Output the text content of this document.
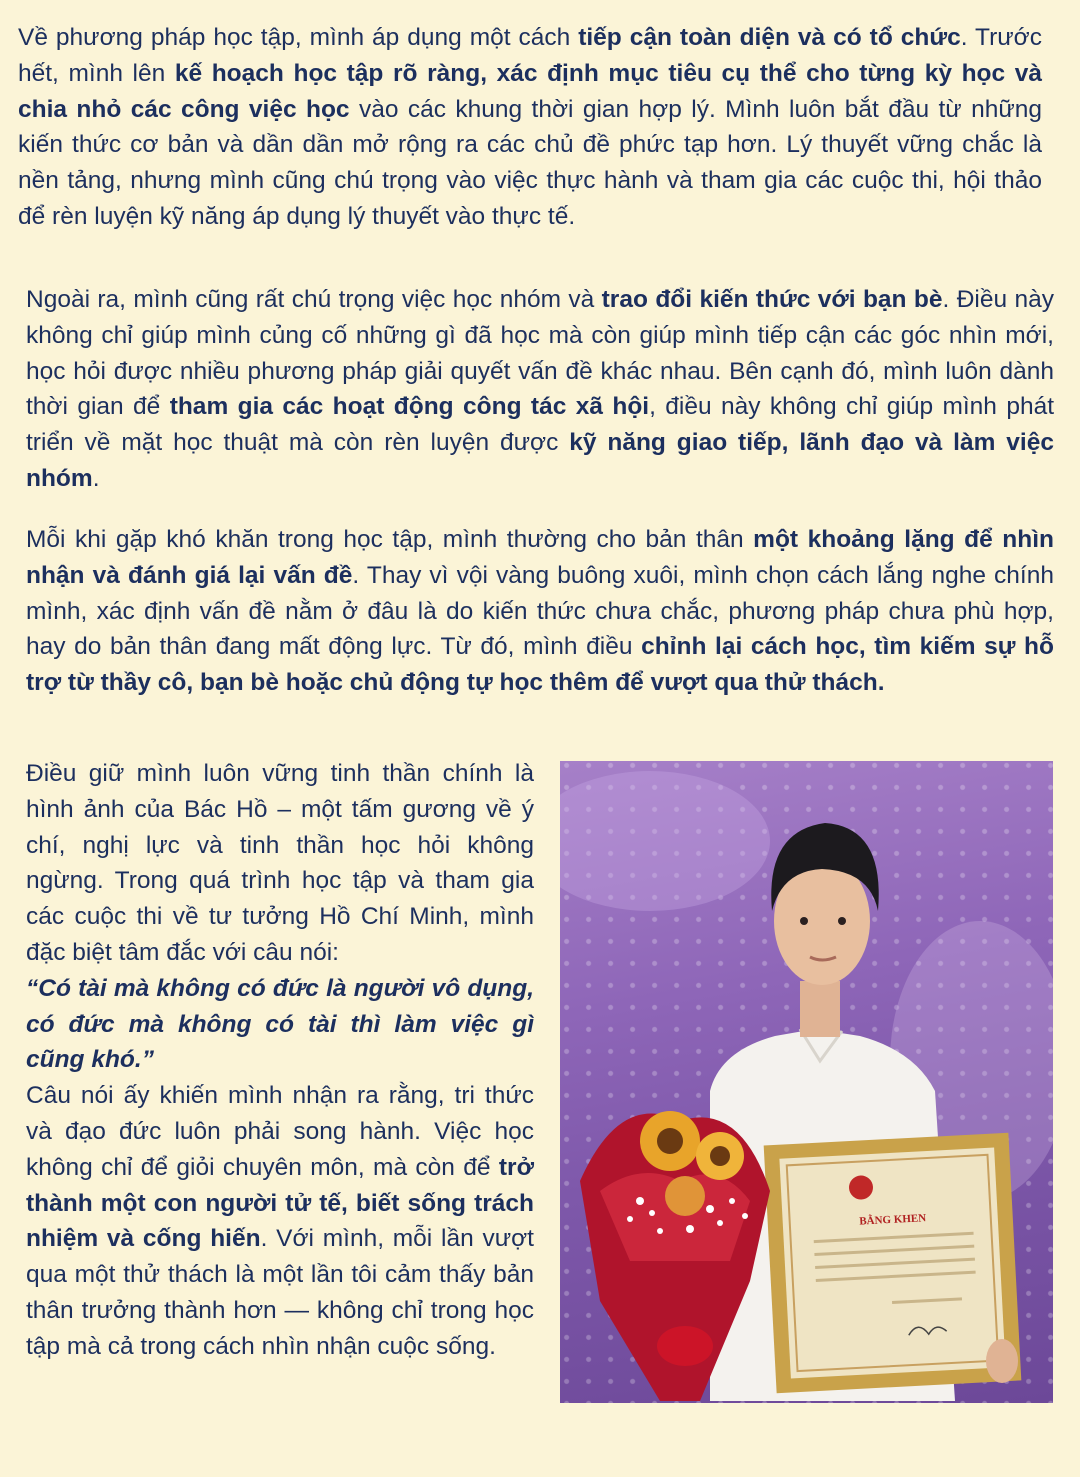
Về phương pháp học tập, mình áp dụng một cách tiếp cận toàn diện và có tổ chức. Trước hết, mình lên kế hoạch học tập rõ ràng, xác định mục tiêu cụ thể cho từng kỳ học và chia nhỏ các công việc học vào các khung thời gian hợp lý. Mình luôn bắt đầu từ những kiến thức cơ bản và dần dần mở rộng ra các chủ đề phức tạp hơn. Lý thuyết vững chắc là nền tảng, nhưng mình cũng chú trọng vào việc thực hành và tham gia các cuộc thi, hội thảo để rèn luyện kỹ năng áp dụng lý thuyết vào thực tế.

Ngoài ra, mình cũng rất chú trọng việc học nhóm và trao đổi kiến thức với bạn bè. Điều này không chỉ giúp mình củng cố những gì đã học mà còn giúp mình tiếp cận các góc nhìn mới, học hỏi được nhiều phương pháp giải quyết vấn đề khác nhau. Bên cạnh đó, mình luôn dành thời gian để tham gia các hoạt động công tác xã hội, điều này không chỉ giúp mình phát triển về mặt học thuật mà còn rèn luyện được kỹ năng giao tiếp, lãnh đạo và làm việc nhóm.

Mỗi khi gặp khó khăn trong học tập, mình thường cho bản thân một khoảng lặng để nhìn nhận và đánh giá lại vấn đề. Thay vì vội vàng buông xuôi, mình chọn cách lắng nghe chính mình, xác định vấn đề nằm ở đâu là do kiến thức chưa chắc, phương pháp chưa phù hợp, hay do bản thân đang mất động lực. Từ đó, mình điều chỉnh lại cách học, tìm kiếm sự hỗ trợ từ thầy cô, bạn bè hoặc chủ động tự học thêm để vượt qua thử thách.

Điều giữ mình luôn vững tinh thần chính là hình ảnh của Bác Hồ – một tấm gương về ý chí, nghị lực và tinh thần học hỏi không ngừng. Trong quá trình học tập và tham gia các cuộc thi về tư tưởng Hồ Chí Minh, mình đặc biệt tâm đắc với câu nói:
“Có tài mà không có đức là người vô dụng, có đức mà không có tài thì làm việc gì cũng khó.”
Câu nói ấy khiến mình nhận ra rằng, tri thức và đạo đức luôn phải song hành. Việc học không chỉ để giỏi chuyên môn, mà còn để trở thành một con người tử tế, biết sống trách nhiệm và cống hiến. Với mình, mỗi lần vượt qua một thử thách là một lần tôi cảm thấy bản thân trưởng thành hơn — không chỉ trong học tập mà cả trong cách nhìn nhận cuộc sống.

BẰNG KHEN
